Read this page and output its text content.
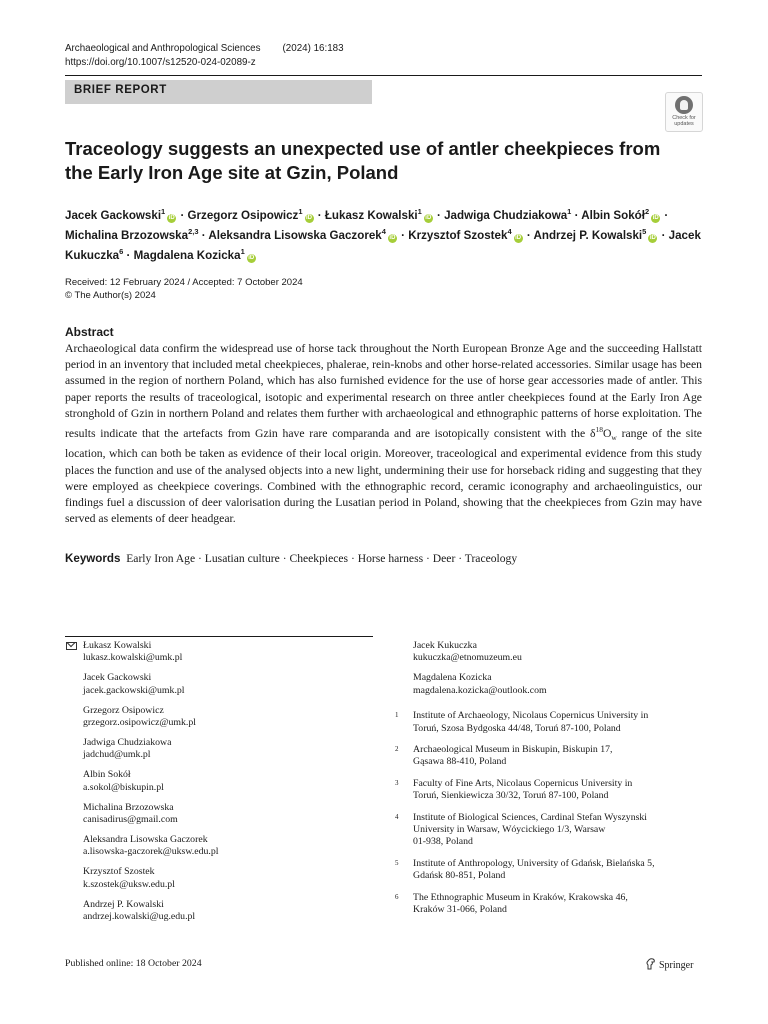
Archaeological and Anthropological Sciences (2024) 16:183
https://doi.org/10.1007/s12520-024-02089-z
BRIEF REPORT
Check for updates
Traceology suggests an unexpected use of antler cheekpieces from the Early Iron Age site at Gzin, Poland
Jacek Gackowski$^1$iD · Grzegorz Osipowicz$^1$iD · Łukasz Kowalski$^1$iD · Jadwiga Chudziakowa$^1$ · Albin Sokół$^2$iD · Michalina Brzozowska$^{2,3}$ · Aleksandra Lisowska Gaczorek$^4$iD · Krzysztof Szostek$^4$iD · Andrzej P. Kowalski$^5$iD · Jacek Kukuczka$^6$ · Magdalena Kozicka$^1$iD
Received: 12 February 2024 / Accepted: 7 October 2024
© The Author(s) 2024
Abstract
Archaeological data confirm the widespread use of horse tack throughout the North European Bronze Age and the succeeding Hallstatt period in an inventory that included metal cheekpieces, phalerae, rein-knobs and other horse-related accessories. Similar usage has been assumed in the region of northern Poland, which has also furnished evidence for the use of horse gear accessories made of antler. This paper reports the results of traceological, isotopic and experimental research on three antler cheekpieces found at the Early Iron Age stronghold of Gzin in northern Poland and relates them further with archaeological and ethnographic patterns of horse exploitation. The results indicate that the artefacts from Gzin have rare comparanda and are isotopically consistent with the $\delta^{18}O_w$ range of the site location, which can both be taken as evidence of their local origin. Moreover, traceological and experimental evidence from this study places the function and use of the analysed objects into a new light, undermining their use for horseback riding and suggesting that they were employed as cheekpiece coverings. Combined with the ethnographic record, ceramic iconography and archaeolinguistics, our findings fuel a discussion of deer valorisation during the Lusatian period in Poland, showing that the cheekpieces from Gzin may have served as elements of deer headgear.
Keywords Early Iron Age · Lusatian culture · Cheekpieces · Horse harness · Deer · Traceology
Łukasz Kowalski
lukasz.kowalski@umk.pl
Jacek Gackowski
jacek.gackowski@umk.pl
Grzegorz Osipowicz
grzegorz.osipowicz@umk.pl
Jadwiga Chudziakowa
jadchud@umk.pl
Albin Sokół
a.sokol@biskupin.pl
Michalina Brzozowska
canisadirus@gmail.com
Aleksandra Lisowska Gaczorek
a.lisowska-gaczorek@uksw.edu.pl
Krzysztof Szostek
k.szostek@uksw.edu.pl
Andrzej P. Kowalski
andrzej.kowalski@ug.edu.pl
Jacek Kukuczka
kukuczka@etnomuzeum.eu
Magdalena Kozicka
magdalena.kozicka@outlook.com
1 Institute of Archaeology, Nicolaus Copernicus University in
Toruń, Szosa Bydgoska 44/48, Toruń 87-100, Poland
2 Archaeological Museum in Biskupin, Biskupin 17,
Gąsawa 88-410, Poland
3 Faculty of Fine Arts, Nicolaus Copernicus University in
Toruń, Sienkiewicza 30/32, Toruń 87-100, Poland
4 Institute of Biological Sciences, Cardinal Stefan Wyszynski
University in Warsaw, Wóycickiego 1/3, Warsaw
01-938, Poland
5 Institute of Anthropology, University of Gdańsk, Bielańska 5,
Gdańsk 80-851, Poland
6 The Ethnographic Museum in Kraków, Krakowska 46,
Kraków 31-066, Poland
Published online: 18 October 2024	Springer
